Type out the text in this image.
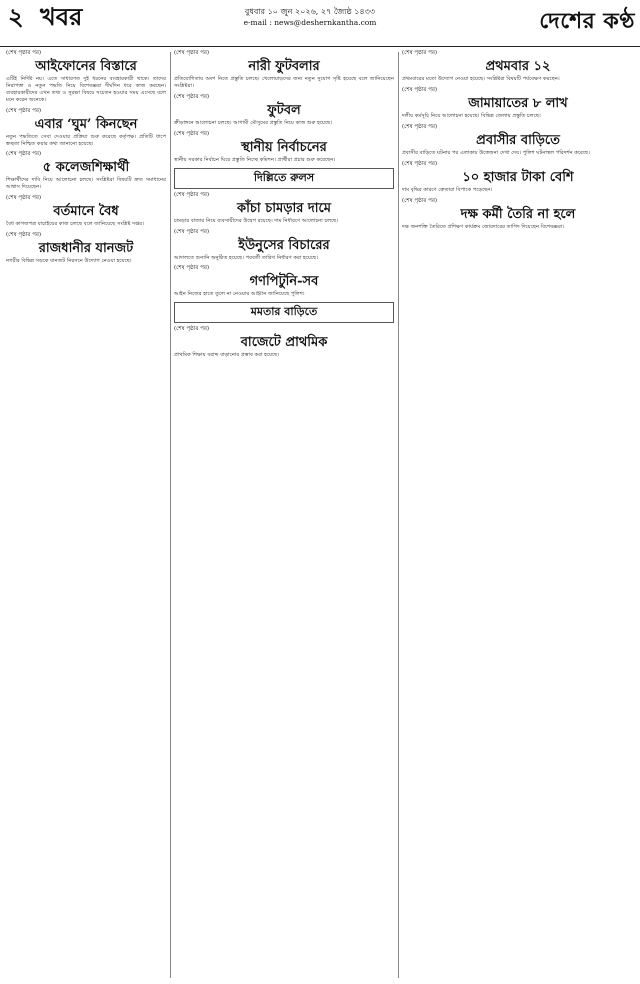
২ খবর	বুধবার ১০ জুন ২০২৬, ২৭ জ্যৈষ্ঠ ১৪৩৩
e-mail : news@deshernkantha.com	দেশের কণ্ঠ
(শেষ পৃষ্ঠার পর)
আইফোনের বিস্তারে

এটিই নির্দিষ্ট নয়। এতে সাধারণত দুই ধরনের ব্যবহারকারী থাকে। তাদের নিরাপত্তা ও নতুন পদ্ধতি নিয়ে বিশেষজ্ঞরা দীর্ঘদিন ধরে কাজ করছেন। ব্যবহারকারীদের এখন তথ্য ও সুরক্ষা বিষয়ে সচেতন হওয়ার সময় এসেছে বলে মনে করেন অনেকে।

(শেষ পৃষ্ঠার পর)
এবার ‘ঘুম’ কিনছেন

নতুন পদ্ধতিতে সেবা দেওয়ার প্রক্রিয়া শুরু করেছে কর্তৃপক্ষ। প্রতিটি ধাপে স্বচ্ছতা নিশ্চিত করার কথা জানানো হয়েছে।

(শেষ পৃষ্ঠার পর)
৫ কলেজশিক্ষার্থী

শিক্ষার্থীদের দাবি নিয়ে আলোচনা চলছে। সংশ্লিষ্টরা বিষয়টি দ্রুত সমাধানের আশ্বাস দিয়েছেন।

(শেষ পৃষ্ঠার পর)
বর্তমানে বৈধ

বৈধ কাগজপত্র যাচাইয়ের কাজ চলছে বলে জানিয়েছে সংশ্লিষ্ট দপ্তর।

(শেষ পৃষ্ঠার পর)
রাজধানীর যানজট

নগরীর বিভিন্ন সড়কে যানজট নিরসনে উদ্যোগ নেওয়া হয়েছে।

(শেষ পৃষ্ঠার পর)
নারী ফুটবলার

প্রতিযোগিতায় অংশ নিতে প্রস্তুতি চলছে। খেলোয়াড়দের জন্য নতুন সুযোগ সৃষ্টি হয়েছে বলে জানিয়েছেন সংশ্লিষ্টরা।

(শেষ পৃষ্ঠার পর)
ফুটবল

ক্রীড়াঙ্গনে আলোচনা চলছে। আগামী মৌসুমের প্রস্তুতি নিয়ে কাজ শুরু হয়েছে।

(শেষ পৃষ্ঠার পর)
স্থানীয় নির্বাচনের

স্থানীয় সরকার নির্বাচন ঘিরে প্রস্তুতি নিচ্ছে কমিশন। প্রার্থীরা প্রচার শুরু করেছেন।

দিল্লিতে রুলস
(শেষ পৃষ্ঠার পর)
কাঁচা চামড়ার দামে

চামড়ার বাজার নিয়ে ব্যবসায়ীদের উদ্বেগ রয়েছে। দাম নির্ধারণে আলোচনা চলছে।

(শেষ পৃষ্ঠার পর)
ইউনুসের বিচারের

আদালতে শুনানি অনুষ্ঠিত হয়েছে। পরবর্তী তারিখ নির্ধারণ করা হয়েছে।

(শেষ পৃষ্ঠার পর)
গণপিটুনি-সব

আইন নিজের হাতে তুলে না নেওয়ার আহ্বান জানিয়েছে পুলিশ।

মমতার বাড়িতে
(শেষ পৃষ্ঠার পর)
বাজেটে প্রাথমিক

প্রাথমিক শিক্ষায় বরাদ্দ বাড়ানোর প্রস্তাব করা হয়েছে।

(শেষ পৃষ্ঠার পর)
প্রথমবার ১২

প্রথমবারের মতো উদ্যোগ নেওয়া হয়েছে। সংশ্লিষ্টরা বিষয়টি পর্যবেক্ষণ করছেন।

(শেষ পৃষ্ঠার পর)
জামায়াতের ৮ লাখ

দলীয় কর্মসূচি নিয়ে আলোচনা হয়েছে। বিভিন্ন জেলায় প্রস্তুতি চলছে।

(শেষ পৃষ্ঠার পর)
প্রবাসীর বাড়িতে

প্রবাসীর বাড়িতে ঘটনার পর এলাকায় উত্তেজনা দেখা দেয়। পুলিশ ঘটনাস্থল পরিদর্শন করেছে।

(শেষ পৃষ্ঠার পর)
১০ হাজার টাকা বেশি

দাম বৃদ্ধির কারণে ক্রেতারা বিপাকে পড়েছেন।

(শেষ পৃষ্ঠার পর)
দক্ষ কর্মী তৈরি না হলে

দক্ষ জনশক্তি তৈরিতে প্রশিক্ষণ কার্যক্রম জোরদারের তাগিদ দিয়েছেন বিশেষজ্ঞরা।
